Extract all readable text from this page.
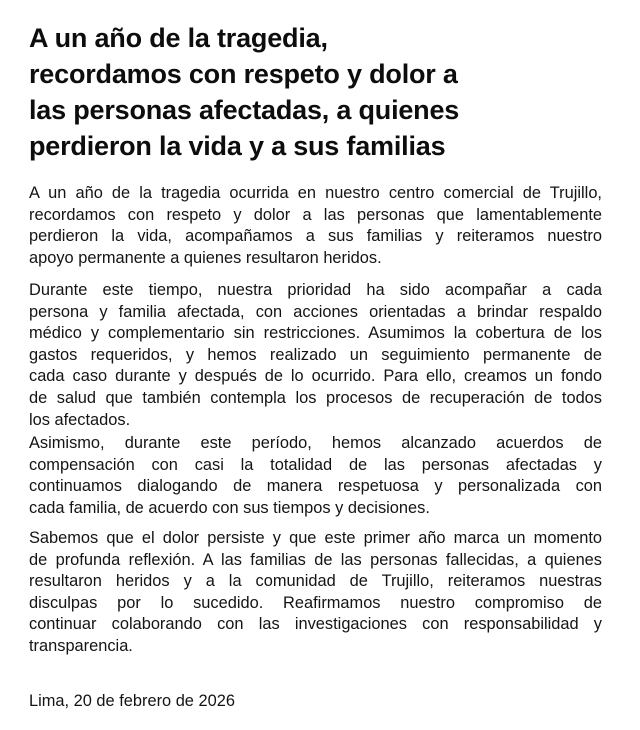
A un año de la tragedia,
recordamos con respeto y dolor a
las personas afectadas, a quienes
perdieron la vida y a sus familias

A un año de la tragedia ocurrida en nuestro centro comercial de Trujillo,
recordamos con respeto y dolor a las personas que lamentablemente
perdieron la vida, acompañamos a sus familias y reiteramos nuestro
apoyo permanente a quienes resultaron heridos.

Durante este tiempo, nuestra prioridad ha sido acompañar a cada
persona y familia afectada, con acciones orientadas a brindar respaldo
médico y complementario sin restricciones. Asumimos la cobertura de los
gastos requeridos, y hemos realizado un seguimiento permanente de
cada caso durante y después de lo ocurrido. Para ello, creamos un fondo
de salud que también contempla los procesos de recuperación de todos
los afectados.

Asimismo, durante este período, hemos alcanzado acuerdos de
compensación con casi la totalidad de las personas afectadas y
continuamos dialogando de manera respetuosa y personalizada con
cada familia, de acuerdo con sus tiempos y decisiones.

Sabemos que el dolor persiste y que este primer año marca un momento
de profunda reflexión. A las familias de las personas fallecidas, a quienes
resultaron heridos y a la comunidad de Trujillo, reiteramos nuestras
disculpas por lo sucedido. Reafirmamos nuestro compromiso de
continuar colaborando con las investigaciones con responsabilidad y
transparencia.

Lima, 20 de febrero de 2026
